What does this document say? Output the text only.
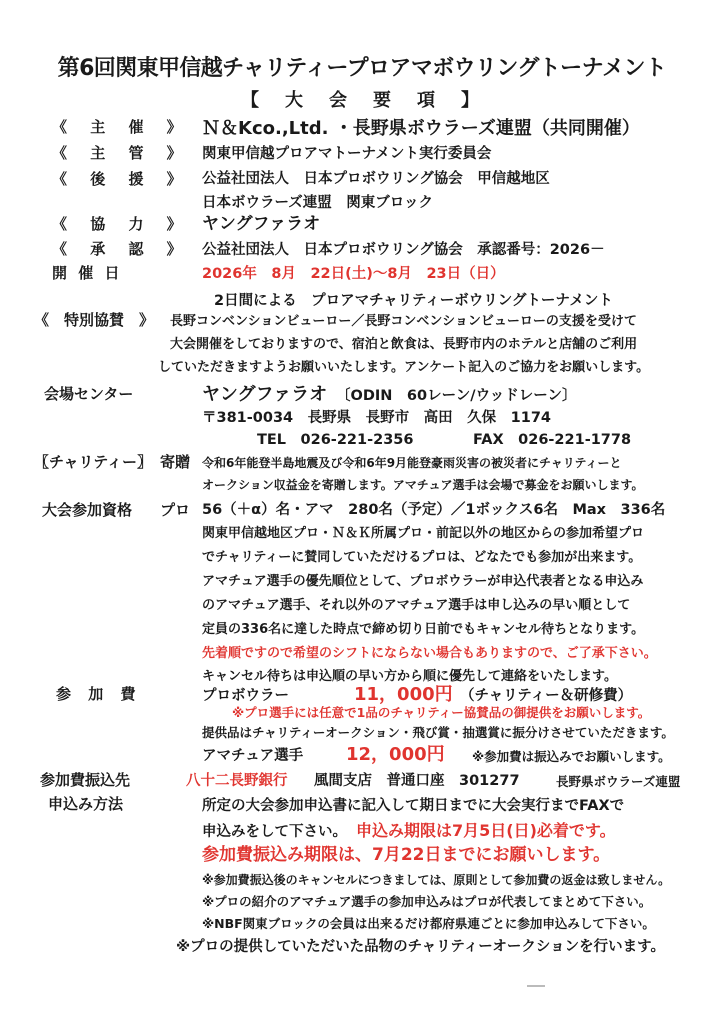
第6回関東甲信越チャリティープロアマボウリングトーナメント
【　大　会　要　項　】
《 主 催 》 Ｎ＆Kco.,Ltd. ・長野県ボウラーズ連盟（共同開催）
《 主 管 》 関東甲信越プロアマトーナメント実行委員会
《 後 援 》 公益社団法人　日本プロボウリング協会　甲信越地区
日本ボウラーズ連盟　関東ブロック
《 協 力 》 ヤングファラオ
《 承 認 》 公益社団法人　日本プロボウリング協会　承認番号：2026－
開 催 日	2026年　8月　22日(土)～8月　23日（日）
2日間による　プロアマチャリティーボウリングトーナメント
《　特別協賛　》 長野コンベンションビューロー／長野コンベンションビューローの支援を受けて
大会開催をしておりますので、宿泊と飲食は、長野市内のホテルと店舗のご利用
していただきますようお願いいたします。アンケート記入のご協力をお願いします。
会場センター	ヤングファラオ 〔ODIN　60レーン/ウッドレーン〕
〒381-0034　長野県　長野市　高田　久保　1174
TEL　026-221-2356	FAX　026-221-1778
〖チャリティー〗 寄贈 令和6年能登半島地震及び令和6年9月能登豪雨災害の被災者にチャリティーと
オークション収益金を寄贈します。アマチュア選手は会場で募金をお願いします。
大会参加資格 プロ 56（＋α）名・アマ　280名（予定）／1ボックス6名　Max　336名
関東甲信越地区プロ・Ｎ＆Ｋ所属プロ・前記以外の地区からの参加希望プロ
でチャリティーに賛同していただけるプロは、どなたでも参加が出来ます。
アマチュア選手の優先順位として、プロボウラーが申込代表者となる申込み
のアマチュア選手、それ以外のアマチュア選手は申し込みの早い順として
定員の336名に達した時点で締め切り日前でもキャンセル待ちとなります。
先着順ですので希望のシフトにならない場合もありますので、ご了承下さい。
キャンセル待ちは申込順の早い方から順に優先して連絡をいたします。
参 加 費	プロボウラー	11，000円 （チャリティー＆研修費）
※プロ選手には任意で1品のチャリティー協賛品の御提供をお願いします。
提供品はチャリティーオークション・飛び賞・抽選賞に振分けさせていただきます。
アマチュア選手 12，000円 ※参加費は振込みでお願いします。
参加費振込先	八十二長野銀行 風間支店　普通口座　301277	長野県ボウラーズ連盟
申込み方法	所定の大会参加申込書に記入して期日までに大会実行までFAXで
申込みをして下さい。 申込み期限は7月5日(日)必着です。
参加費振込み期限は、7月22日までにお願いします。
※参加費振込後のキャンセルにつきましては、原則として参加費の返金は致しません。
※プロの紹介のアマチュア選手の参加申込みはプロが代表してまとめて下さい。
※NBF関東ブロックの会員は出来るだけ都府県連ごとに参加申込みして下さい。
※プロの提供していただいた品物のチャリティーオークションを行います。
